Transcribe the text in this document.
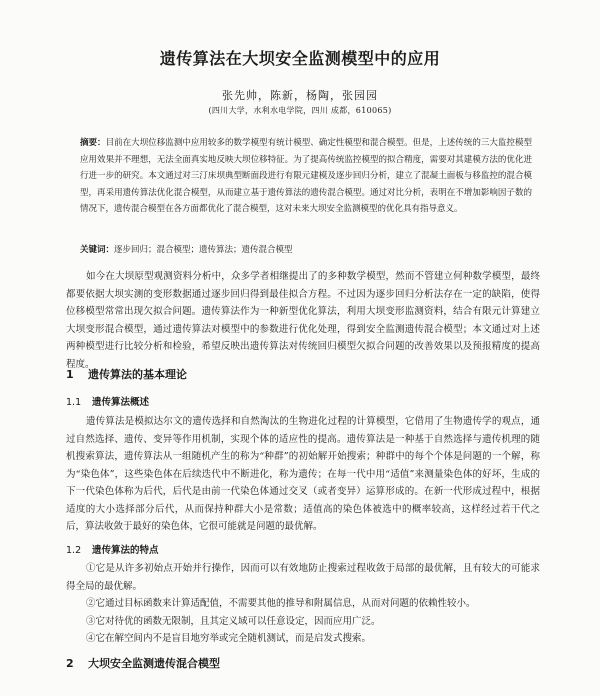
遗传算法在大坝安全监测模型中的应用
张先帅，陈新，杨陶，张园园
(四川大学，水利水电学院，四川 成都，610065)
摘要：目前在大坝位移监测中应用较多的数学模型有统计模型、确定性模型和混合模型。但是，上述传统的三大监控模型应用效果并不理想，无法全面真实地反映大坝位移特征。为了提高传统监控模型的拟合精度，需要对其建模方法的优化进行进一步的研究。本文通过对三汀床坝典型断面段进行有限元建模及逐步回归分析，建立了混凝土面板与移监控的混合模型，再采用遗传算法优化混合模型，从而建立基于遗传算法的遗传混合模型。通过对比分析，表明在不增加影响因子数的情况下，遗传混合模型在各方面都优化了混合模型，这对未来大坝安全监测模型的优化具有指导意义。
关键词：逐步回归；混合模型；遗传算法；遗传混合模型

如今在大坝原型观测资料分析中，众多学者相继提出了的多种数学模型，然而不管建立何种数学模型，最终都要依据大坝实测的变形数据通过逐步回归得到最佳拟合方程。不过因为逐步回归分析法存在一定的缺陷，使得位移模型常常出现欠拟合问题。遗传算法作为一种新型优化算法，利用大坝变形监测资料，结合有限元计算建立大坝变形混合模型，通过遗传算法对模型中的参数进行优化处理，得到安全监测遗传混合模型；本文通过对上述两种模型进行比较分析和检验，希望反映出遗传算法对传统回归模型欠拟合问题的改善效果以及预报精度的提高程度。

1 遗传算法的基本理论
1.1 遗传算法概述

遗传算法是模拟达尔文的遗传选择和自然淘汰的生物进化过程的计算模型，它借用了生物遗传学的观点，通过自然选择、遗传、变异等作用机制，实现个体的适应性的提高。遗传算法是一种基于自然选择与遗传机理的随机搜索算法，遗传算法从一组随机产生的称为“种群”的初始解开始搜索；种群中的每个个体是问题的一个解，称为“染色体”，这些染色体在后续迭代中不断进化，称为遗传；在每一代中用“适值”来测量染色体的好坏，生成的下一代染色体称为后代，后代是由前一代染色体通过交叉（或者变异）运算形成的。在新一代形成过程中，根据适度的大小选择部分后代，从而保持种群大小是常数；适值高的染色体被选中的概率较高，这样经过若干代之后，算法收敛于最好的染色体，它很可能就是问题的最优解。

1.2 遗传算法的特点

①它是从许多初始点开始并行操作，因而可以有效地防止搜索过程收敛于局部的最优解，且有较大的可能求得全局的最优解。

②它通过目标函数来计算适配值，不需要其他的推导和附属信息，从而对问题的依赖性较小。

③它对待优的函数无限制，且其定义域可以任意设定，因而应用广泛。

④它在解空间内不是盲目地穷举或完全随机测试，而是启发式搜索。

2 大坝安全监测遗传混合模型
